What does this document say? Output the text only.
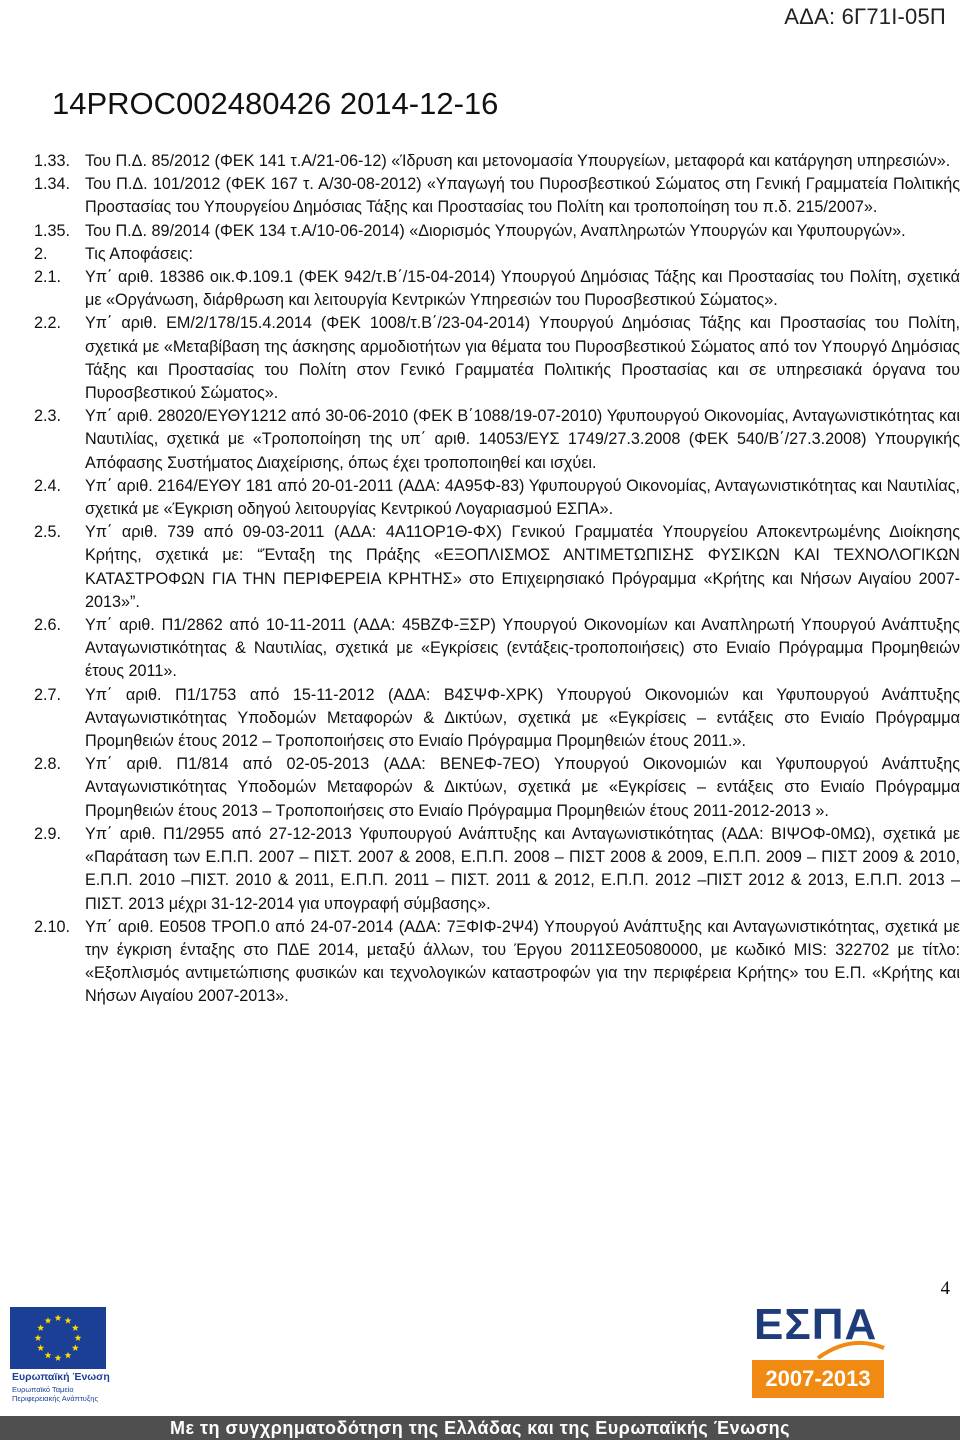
ΑΔΑ: 6Γ71Ι-05Π
14PROC002480426 2014-12-16
1.33. Του Π.Δ. 85/2012 (ΦΕΚ 141 τ.Α/21-06-12) «Ίδρυση και μετονομασία Υπουργείων, μεταφορά και κατάργηση υπηρεσιών».
1.34. Του Π.Δ. 101/2012 (ΦΕΚ 167 τ. Α/30-08-2012) «Υπαγωγή του Πυροσβεστικού Σώματος στη Γενική Γραμματεία Πολιτικής Προστασίας του Υπουργείου Δημόσιας Τάξης και Προστασίας του Πολίτη και τροποποίηση του π.δ. 215/2007».
1.35. Του Π.Δ. 89/2014 (ΦΕΚ 134 τ.Α/10-06-2014) «Διορισμός Υπουργών, Αναπληρωτών Υπουργών και Υφυπουργών».
2.	Τις Αποφάσεις:
2.1.	Υπ΄ αριθ. 18386 οικ.Φ.109.1 (ΦΕΚ 942/τ.Β΄/15-04-2014) Υπουργού Δημόσιας Τάξης και Προστασίας του Πολίτη, σχετικά με «Οργάνωση, διάρθρωση και λειτουργία Κεντρικών Υπηρεσιών του Πυροσβεστικού Σώματος».
2.2.	Υπ΄ αριθ. ΕΜ/2/178/15.4.2014 (ΦΕΚ 1008/τ.Β΄/23-04-2014) Υπουργού Δημόσιας Τάξης και Προστασίας του Πολίτη, σχετικά με «Μεταβίβαση της άσκησης αρμοδιοτήτων για θέματα του Πυροσβεστικού Σώματος από τον Υπουργό Δημόσιας Τάξης και Προστασίας του Πολίτη στον Γενικό Γραμματέα Πολιτικής Προστασίας και σε υπηρεσιακά όργανα του Πυροσβεστικού Σώματος».
2.3.	Υπ΄ αριθ. 28020/ΕΥΘΥ1212 από 30-06-2010 (ΦΕΚ Β΄1088/19-07-2010) Υφυπουργού Οικονομίας, Ανταγωνιστικότητας και Ναυτιλίας, σχετικά με «Τροποποίηση της υπ΄ αριθ. 14053/ΕΥΣ 1749/27.3.2008 (ΦΕΚ 540/Β΄/27.3.2008) Υπουργικής Απόφασης Συστήματος Διαχείρισης, όπως έχει τροποποιηθεί και ισχύει.
2.4.	Υπ΄ αριθ. 2164/ΕΥΘΥ 181 από 20-01-2011 (ΑΔΑ: 4Α95Φ-83) Υφυπουργού Οικονομίας, Ανταγωνιστικότητας και Ναυτιλίας, σχετικά με «Έγκριση οδηγού λειτουργίας Κεντρικού Λογαριασμού ΕΣΠΑ».
2.5.	Υπ΄ αριθ. 739 από 09-03-2011 (ΑΔΑ: 4Α11ΟΡ1Θ-ΦΧ) Γενικού Γραμματέα Υπουργείου Αποκεντρωμένης Διοίκησης Κρήτης, σχετικά με: “Ένταξη της Πράξης «ΕΞΟΠΛΙΣΜΟΣ ΑΝΤΙΜΕΤΩΠΙΣΗΣ ΦΥΣΙΚΩΝ ΚΑΙ ΤΕΧΝΟΛΟΓΙΚΩΝ ΚΑΤΑΣΤΡΟΦΩΝ ΓΙΑ ΤΗΝ ΠΕΡΙΦΕΡΕΙΑ ΚΡΗΤΗΣ» στο Επιχειρησιακό Πρόγραμμα «Κρήτης και Νήσων Αιγαίου 2007-2013»”.
2.6.	Υπ΄ αριθ. Π1/2862 από 10-11-2011 (ΑΔΑ: 45ΒΖΦ-ΞΣΡ) Υπουργού Οικονομίων και Αναπληρωτή Υπουργού Ανάπτυξης Ανταγωνιστικότητας & Ναυτιλίας, σχετικά με «Εγκρίσεις (εντάξεις-τροποποιήσεις) στο Ενιαίο Πρόγραμμα Προμηθειών έτους 2011».
2.7.	Υπ΄ αριθ. Π1/1753 από 15-11-2012 (ΑΔΑ: Β4ΣΨΦ-ΧΡΚ) Υπουργού Οικονομιών και Υφυπουργού Ανάπτυξης Ανταγωνιστικότητας Υποδομών Μεταφορών & Δικτύων, σχετικά με «Εγκρίσεις – εντάξεις στο Ενιαίο Πρόγραμμα Προμηθειών έτους 2012 – Τροποποιήσεις στο Ενιαίο Πρόγραμμα Προμηθειών έτους 2011.».
2.8.	Υπ΄ αριθ. Π1/814 από 02-05-2013 (ΑΔΑ: ΒΕΝΕΦ-7ΕΟ) Υπουργού Οικονομιών και Υφυπουργού Ανάπτυξης Ανταγωνιστικότητας Υποδομών Μεταφορών & Δικτύων, σχετικά με «Εγκρίσεις – εντάξεις στο Ενιαίο Πρόγραμμα Προμηθειών έτους 2013 – Τροποποιήσεις στο Ενιαίο Πρόγραμμα Προμηθειών έτους 2011-2012-2013 ».
2.9.	Υπ΄ αριθ. Π1/2955 από 27-12-2013 Υφυπουργού Ανάπτυξης και Ανταγωνιστικότητας (ΑΔΑ: ΒΙΨΟΦ-0ΜΩ), σχετικά με «Παράταση των Ε.Π.Π. 2007 – ΠΙΣΤ. 2007 & 2008, Ε.Π.Π. 2008 – ΠΙΣΤ 2008 & 2009, Ε.Π.Π. 2009 – ΠΙΣΤ 2009 & 2010, Ε.Π.Π. 2010 –ΠΙΣΤ. 2010 & 2011, Ε.Π.Π. 2011 – ΠΙΣΤ. 2011 & 2012, Ε.Π.Π. 2012 –ΠΙΣΤ 2012 & 2013, Ε.Π.Π. 2013 – ΠΙΣΤ. 2013 μέχρι 31-12-2014 για υπογραφή σύμβασης».
2.10. Υπ΄ αριθ. Ε0508 ΤΡΟΠ.0 από 24-07-2014 (ΑΔΑ: 7ΞΦΙΦ-2Ψ4) Υπουργού Ανάπτυξης και Ανταγωνιστικότητας, σχετικά με την έγκριση ένταξης στο ΠΔΕ 2014, μεταξύ άλλων, του Έργου 2011ΣΕ05080000, με κωδικό MIS: 322702 με τίτλο: «Εξοπλισμός αντιμετώπισης φυσικών και τεχνολογικών καταστροφών για την περιφέρεια Κρήτης» του Ε.Π. «Κρήτης και Νήσων Αιγαίου 2007-2013».
4
Ευρωπαϊκή Ένωση
Ευρωπαϊκό Ταμείο Περιφερειακής Ανάπτυξης
ΕΣΠΑ
2007-2013
Με τη συγχρηματοδότηση της Ελλάδας και της Ευρωπαϊκής Ένωσης
